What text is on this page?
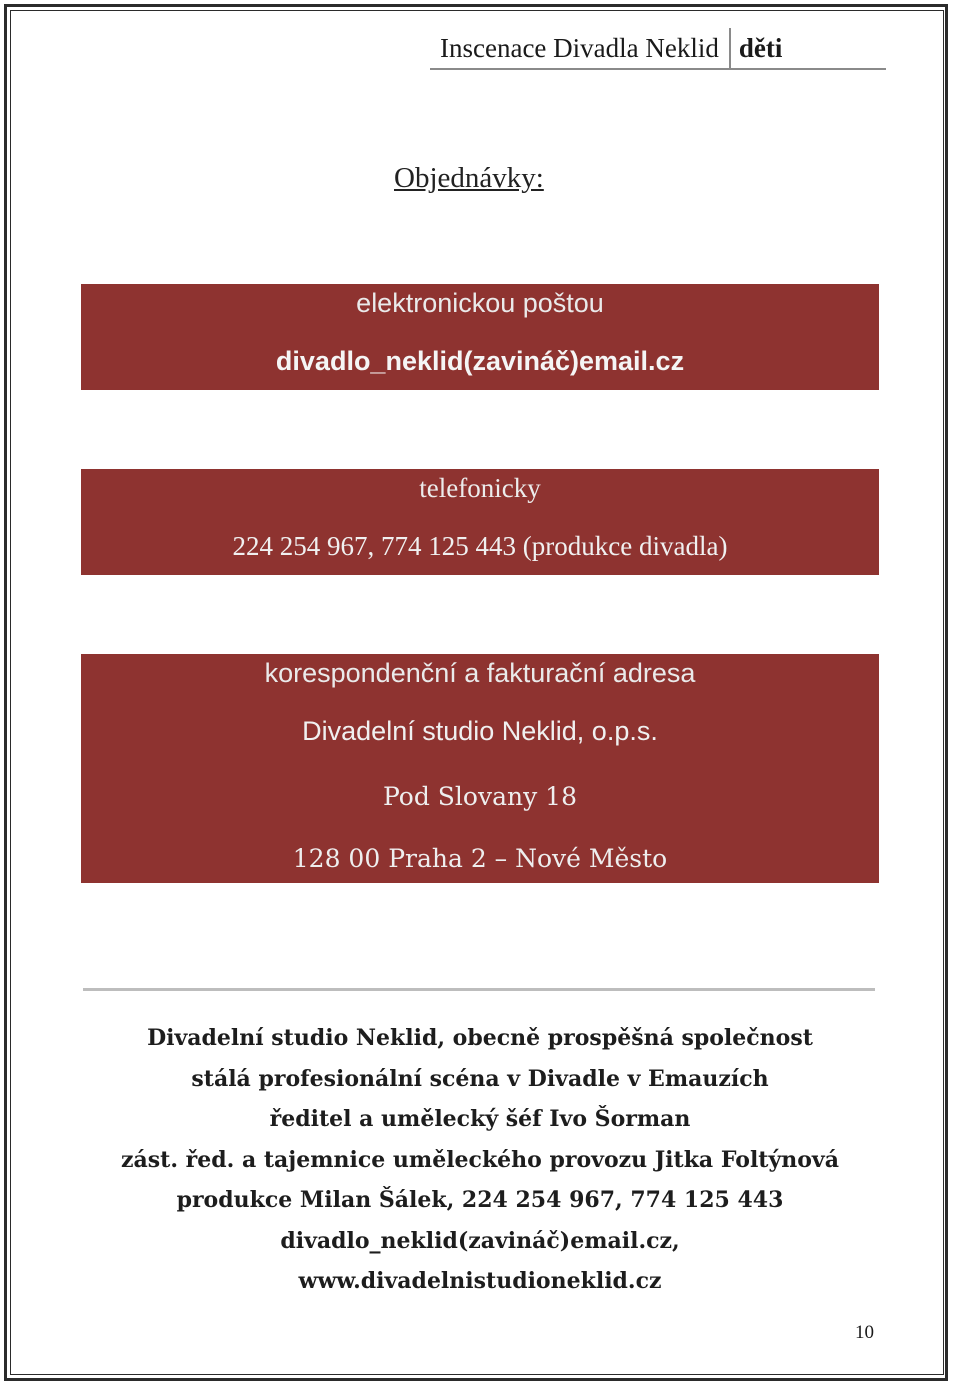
Inscenace Divadla Neklid děti
Objednávky:
elektronickou poštou
divadlo_neklid(zavináč)email.cz
telefonicky
224 254 967, 774 125 443 (produkce divadla)
korespondenční a fakturační adresa
Divadelní studio Neklid, o.p.s.
Pod Slovany 18
128 00 Praha 2 – Nové Město
Divadelní studio Neklid, obecně prospěšná společnost
stálá profesionální scéna v Divadle v Emauzích
ředitel a umělecký šéf Ivo Šorman
zást. řed. a tajemnice uměleckého provozu Jitka Foltýnová
produkce Milan Šálek, 224 254 967, 774 125 443
divadlo_neklid(zavináč)email.cz,
www.divadelnistudioneklid.cz
10
